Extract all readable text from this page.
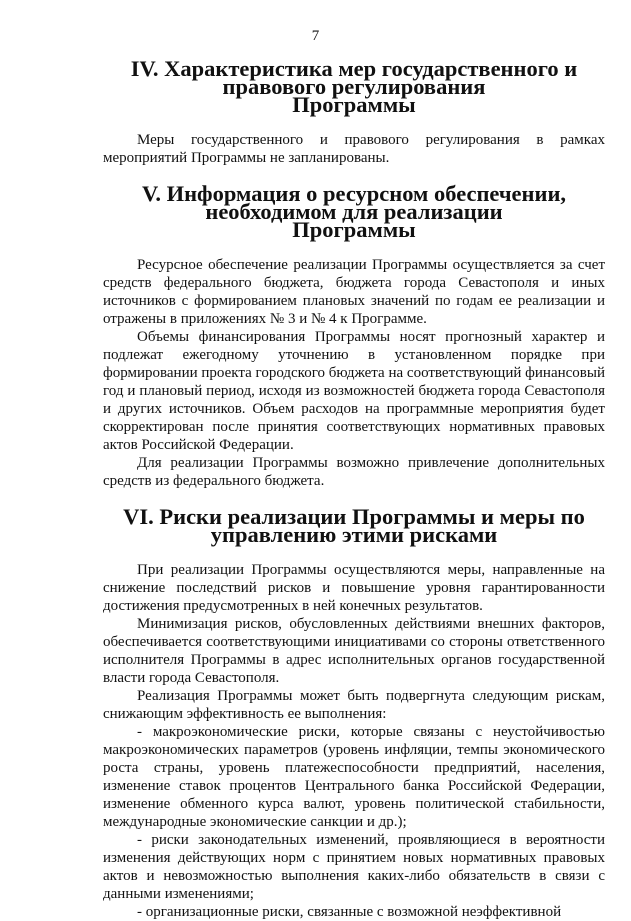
7
IV. Характеристика мер государственного и правового регулирования
Программы

Меры государственного и правового регулирования в рамках мероприятий Программы не запланированы.

V. Информация о ресурсном обеспечении, необходимом для реализации
Программы

Ресурсное обеспечение реализации Программы осуществляется за счет средств федерального бюджета, бюджета города Севастополя и иных источников с формированием плановых значений по годам ее реализации и отражены в приложениях № 3 и № 4 к Программе.

Объемы финансирования Программы носят прогнозный характер и подлежат ежегодному уточнению в установленном порядке при формировании проекта городского бюджета на соответствующий финансовый год и плановый период, исходя из возможностей бюджета города Севастополя и других источников. Объем расходов на программные мероприятия будет скорректирован после принятия соответствующих нормативных правовых актов Российской Федерации.

Для реализации Программы возможно привлечение дополнительных средств из федерального бюджета.

VI. Риски реализации Программы и меры по управлению этими рисками

При реализации Программы осуществляются меры, направленные на снижение последствий рисков и повышение уровня гарантированности достижения предусмотренных в ней конечных результатов.

Минимизация рисков, обусловленных действиями внешних факторов, обеспечивается соответствующими инициативами со стороны ответственного исполнителя Программы в адрес исполнительных органов государственной власти города Севастополя.

Реализация Программы может быть подвергнута следующим рискам, снижающим эффективность ее выполнения:

- макроэкономические риски, которые связаны с неустойчивостью макроэкономических параметров (уровень инфляции, темпы экономического роста страны, уровень платежеспособности предприятий, населения, изменение ставок процентов Центрального банка Российской Федерации, изменение обменного курса валют, уровень политической стабильности, международные экономические санкции и др.);

- риски законодательных изменений, проявляющиеся в вероятности изменения действующих норм с принятием новых нормативных правовых актов и невозможностью выполнения каких-либо обязательств в связи с данными изменениями;

- организационные риски, связанные с возможной неэффективной
